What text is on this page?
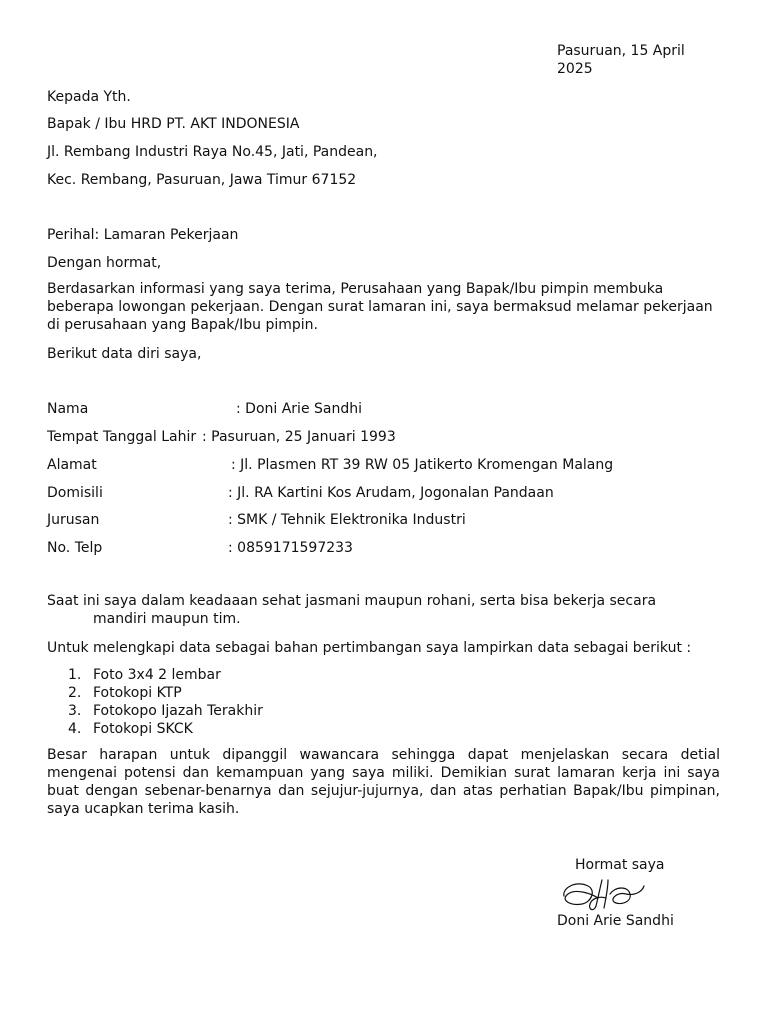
Pasuruan, 15 April
2025
Kepada Yth.
Bapak / Ibu HRD PT. AKT INDONESIA
Jl. Rembang Industri Raya No.45, Jati, Pandean,
Kec. Rembang, Pasuruan, Jawa Timur 67152
Perihal: Lamaran Pekerjaan
Dengan hormat,
Berdasarkan informasi yang saya terima, Perusahaan yang Bapak/Ibu pimpin membuka beberapa lowongan pekerjaan. Dengan surat lamaran ini, saya bermaksud melamar pekerjaan di perusahaan yang Bapak/Ibu pimpin.
Berikut data diri saya,
Nama	: Doni Arie Sandhi
Tempat Tanggal Lahir : Pasuruan, 25 Januari 1993
Alamat	: Jl. Plasmen RT 39 RW 05 Jatikerto Kromengan Malang
Domisili	: Jl. RA Kartini Kos Arudam, Jogonalan Pandaan
Jurusan	: SMK / Tehnik Elektronika Industri
No. Telp	: 0859171597233
Saat ini saya dalam keadaaan sehat jasmani maupun rohani, serta bisa bekerja secara
mandiri maupun tim.
Untuk melengkapi data sebagai bahan pertimbangan saya lampirkan data sebagai berikut :
1. Foto 3x4 2 lembar
2. Fotokopi KTP
3. Fotokopo Ijazah Terakhir
4. Fotokopi SKCK
Besar harapan untuk dipanggil wawancara sehingga dapat menjelaskan secara detial mengenai potensi dan kemampuan yang saya miliki. Demikian surat lamaran kerja ini saya buat dengan sebenar-benarnya dan sejujur-jujurnya, dan atas perhatian Bapak/Ibu pimpinan, saya ucapkan terima kasih.
Hormat saya
Doni Arie Sandhi
